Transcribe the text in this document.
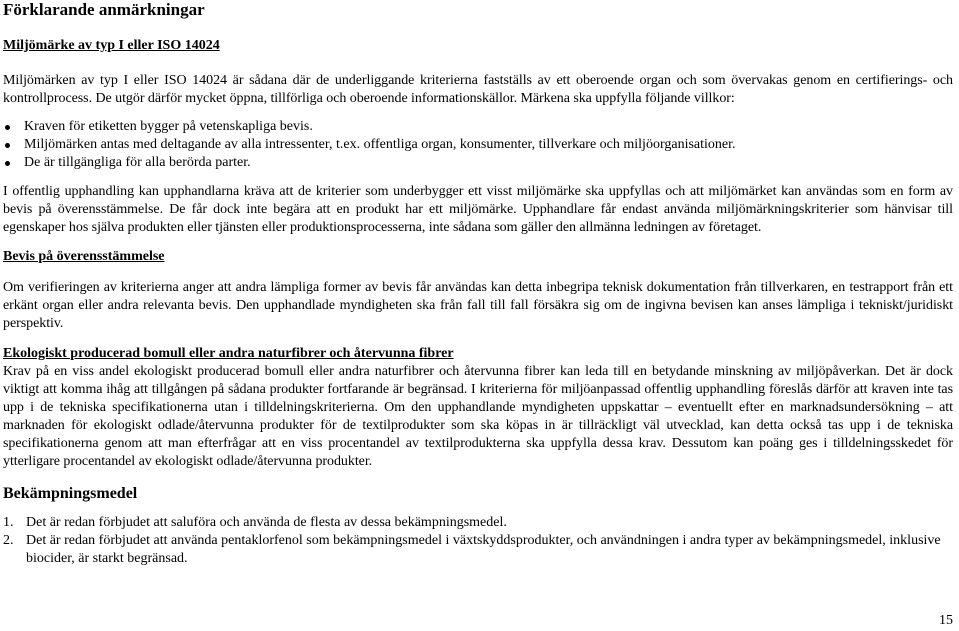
Förklarande anmärkningar
Miljömärke av typ I eller ISO 14024

Miljömärken av typ I eller ISO 14024 är sådana där de underliggande kriterierna fastställs av ett oberoende organ och som övervakas genom en certifierings- och kontrollprocess. De utgör därför mycket öppna, tillförliga och oberoende informationskällor. Märkena ska uppfylla följande villkor:

Kraven för etiketten bygger på vetenskapliga bevis.
Miljömärken antas med deltagande av alla intressenter, t.ex. offentliga organ, konsumenter, tillverkare och miljöorganisationer.
De är tillgängliga för alla berörda parter.

I offentlig upphandling kan upphandlarna kräva att de kriterier som underbygger ett visst miljömärke ska uppfyllas och att miljömärket kan användas som en form av bevis på överensstämmelse. De får dock inte begära att en produkt har ett miljömärke. Upphandlare får endast använda miljömärkningskriterier som hänvisar till egenskaper hos själva produkten eller tjänsten eller produktionsprocesserna, inte sådana som gäller den allmänna ledningen av företaget.

Bevis på överensstämmelse

Om verifieringen av kriterierna anger att andra lämpliga former av bevis får användas kan detta inbegripa teknisk dokumentation från tillverkaren, en testrapport från ett erkänt organ eller andra relevanta bevis. Den upphandlade myndigheten ska från fall till fall försäkra sig om de ingivna bevisen kan anses lämpliga i tekniskt/juridiskt perspektiv.

Ekologiskt producerad bomull eller andra naturfibrer och återvunna fibrer

Krav på en viss andel ekologiskt producerad bomull eller andra naturfibrer och återvunna fibrer kan leda till en betydande minskning av miljöpåverkan. Det är dock viktigt att komma ihåg att tillgången på sådana produkter fortfarande är begränsad. I kriterierna för miljöanpassad offentlig upphandling föreslås därför att kraven inte tas upp i de tekniska specifikationerna utan i tilldelningskriterierna. Om den upphandlande myndigheten uppskattar – eventuellt efter en marknadsundersökning – att marknaden för ekologiskt odlade/återvunna produkter för de textilprodukter som ska köpas in är tillräckligt väl utvecklad, kan detta också tas upp i de tekniska specifikationerna genom att man efterfrågar att en viss procentandel av textilprodukterna ska uppfylla dessa krav. Dessutom kan poäng ges i tilldelningsskedet för ytterligare procentandel av ekologiskt odlade/återvunna produkter.

Bekämpningsmedel
1. Det är redan förbjudet att saluföra och använda de flesta av dessa bekämpningsmedel.
2. Det är redan förbjudet att använda pentaklorfenol som bekämpningsmedel i växtskyddsprodukter, och användningen i andra typer av bekämpningsmedel, inklusive biocider, är starkt begränsad.
15
